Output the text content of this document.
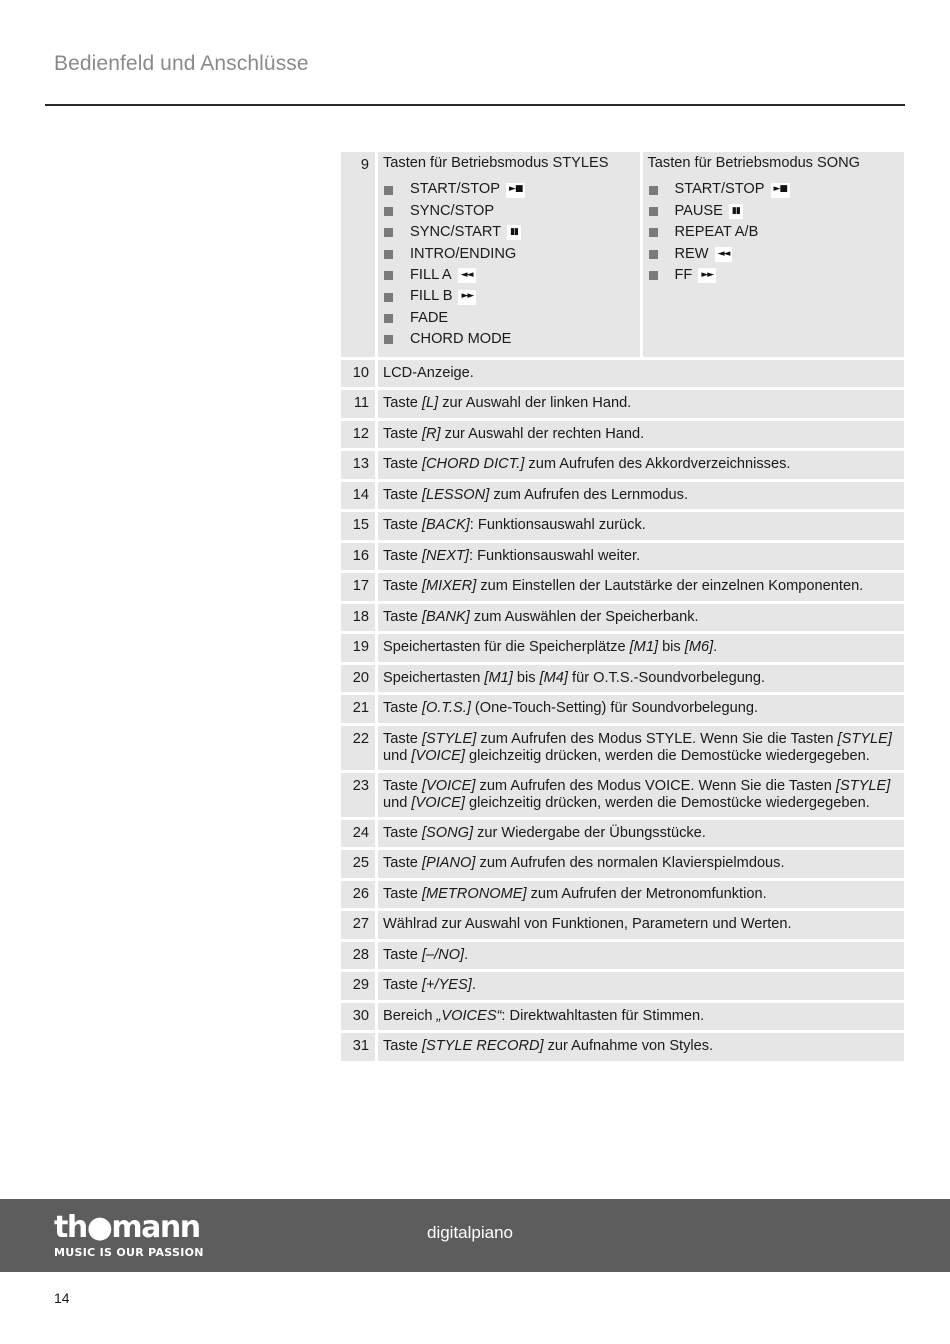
Bedienfeld und Anschlüsse
9 Tasten für Betriebsmodus STYLES
START/STOP	►■
SYNC/STOP
SYNC/START	▮▮
INTRO/ENDING
FILL A	◄◄
FILL B	►►
FADE
CHORD MODE
Tasten für Betriebsmodus SONG
START/STOP	►■
PAUSE	▮▮
REPEAT A/B
REW	◄◄
FF	►►
10 LCD-Anzeige.
11 Taste [L] zur Auswahl der linken Hand.
12 Taste [R] zur Auswahl der rechten Hand.
13 Taste [CHORD DICT.] zum Aufrufen des Akkordverzeichnisses.
14 Taste [LESSON] zum Aufrufen des Lernmodus.
15 Taste [BACK]: Funktionsauswahl zurück.
16 Taste [NEXT]: Funktionsauswahl weiter.
17 Taste [MIXER] zum Einstellen der Lautstärke der einzelnen Komponenten.
18 Taste [BANK] zum Auswählen der Speicherbank.
19 Speichertasten für die Speicherplätze [M1] bis [M6].
20 Speichertasten [M1] bis [M4] für O.T.S.-Soundvorbelegung.
21 Taste [O.T.S.] (One-Touch-Setting) für Soundvorbelegung.
22 Taste [STYLE] zum Aufrufen des Modus STYLE. Wenn Sie die Tasten [STYLE] und [VOICE] gleichzeitig drücken, werden die Demostücke wiedergegeben.
23 Taste [VOICE] zum Aufrufen des Modus VOICE. Wenn Sie die Tasten [STYLE] und [VOICE] gleichzeitig drücken, werden die Demostücke wiedergegeben.
24 Taste [SONG] zur Wiedergabe der Übungsstücke.
25 Taste [PIANO] zum Aufrufen des normalen Klavierspielmdous.
26 Taste [METRONOME] zum Aufrufen der Metronomfunktion.
27 Wählrad zur Auswahl von Funktionen, Parametern und Werten.
28 Taste [–/NO].
29 Taste [+/YES].
30 Bereich „VOICES“: Direktwahltasten für Stimmen.
31 Taste [STYLE RECORD] zur Aufnahme von Styles.
th●mann
MUSIC IS OUR PASSION
digitalpiano
14
